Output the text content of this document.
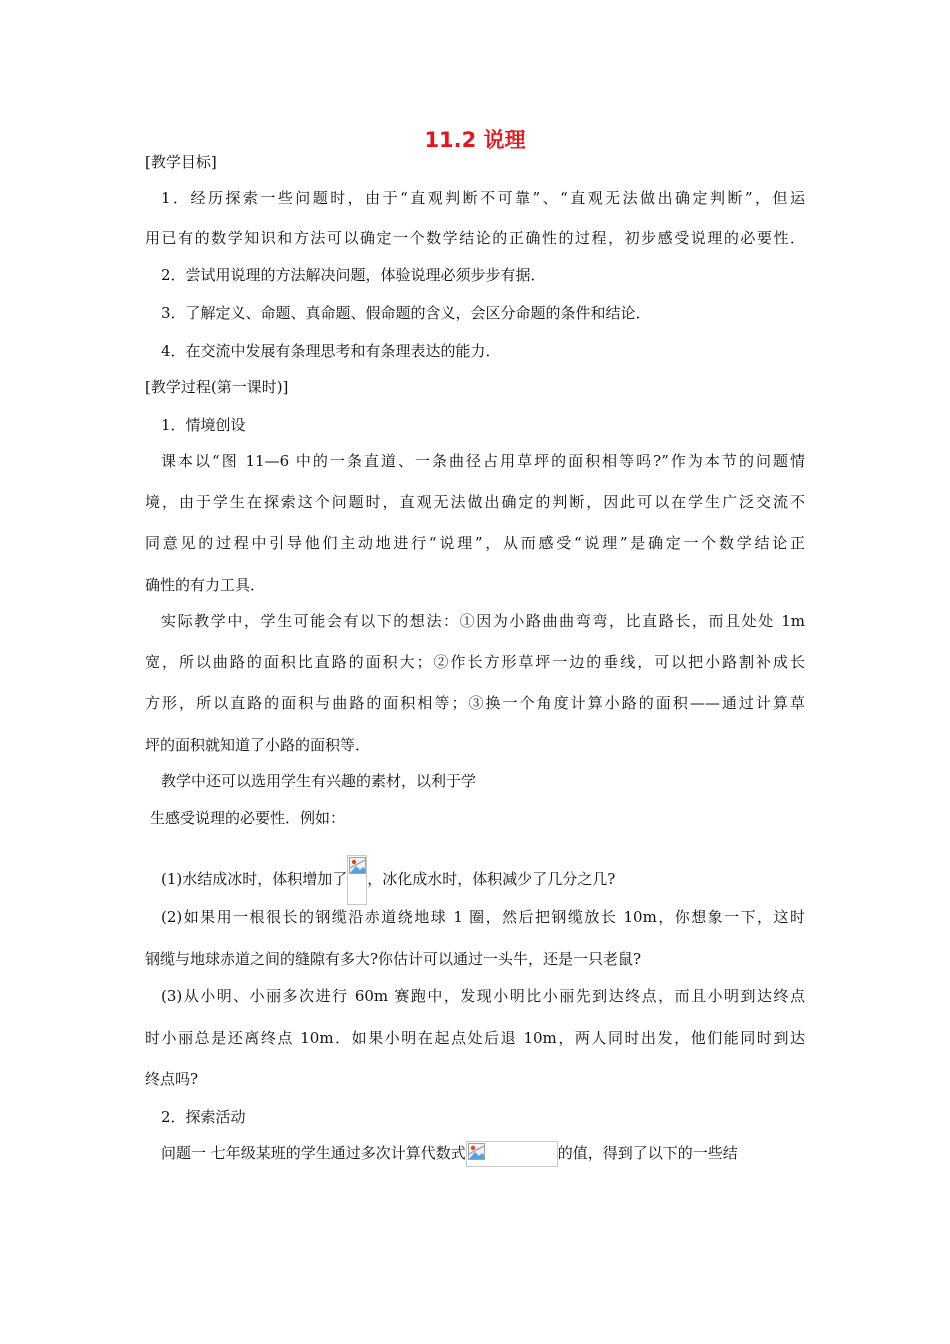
11.2 说理
[教学目标]
1．经历探索一些问题时，由于“直观判断不可靠”、“直观无法做出确定判断”，但运
用已有的数学知识和方法可以确定一个数学结论的正确性的过程，初步感受说理的必要性．
2．尝试用说理的方法解决问题，体验说理必须步步有据．
3．了解定义、命题、真命题、假命题的含义，会区分命题的条件和结论．
4．在交流中发展有条理思考和有条理表达的能力．
[教学过程(第一课时)]
1．情境创设
课本以“图 11—6 中的一条直道、一条曲径占用草坪的面积相等吗?”作为本节的问题情
境，由于学生在探索这个问题时，直观无法做出确定的判断，因此可以在学生广泛交流不
同意见的过程中引导他们主动地进行“说理”，从而感受“说理”是确定一个数学结论正
确性的有力工具．
实际教学中，学生可能会有以下的想法：①因为小路曲曲弯弯，比直路长，而且处处 1m
宽，所以曲路的面积比直路的面积大；②作长方形草坪一边的垂线，可以把小路割补成长
方形，所以直路的面积与曲路的面积相等；③换一个角度计算小路的面积——通过计算草
坪的面积就知道了小路的面积等．
教学中还可以选用学生有兴趣的素材，以利于学
生感受说理的必要性．例如：
(1)水结成冰时，体积增加了 ，冰化成水时，体积减少了几分之几?
(2)如果用一根很长的钢缆沿赤道绕地球 1 圈，然后把钢缆放长 10m，你想象一下，这时
钢缆与地球赤道之间的缝隙有多大?你估计可以通过一头牛，还是一只老鼠?
(3)从小明、小丽多次进行 60m 赛跑中，发现小明比小丽先到达终点，而且小明到达终点
时小丽总是还离终点 10m．如果小明在起点处后退 10m，两人同时出发，他们能同时到达
终点吗?
2．探索活动
问题一 七年级某班的学生通过多次计算代数式	的值，得到了以下的一些结
